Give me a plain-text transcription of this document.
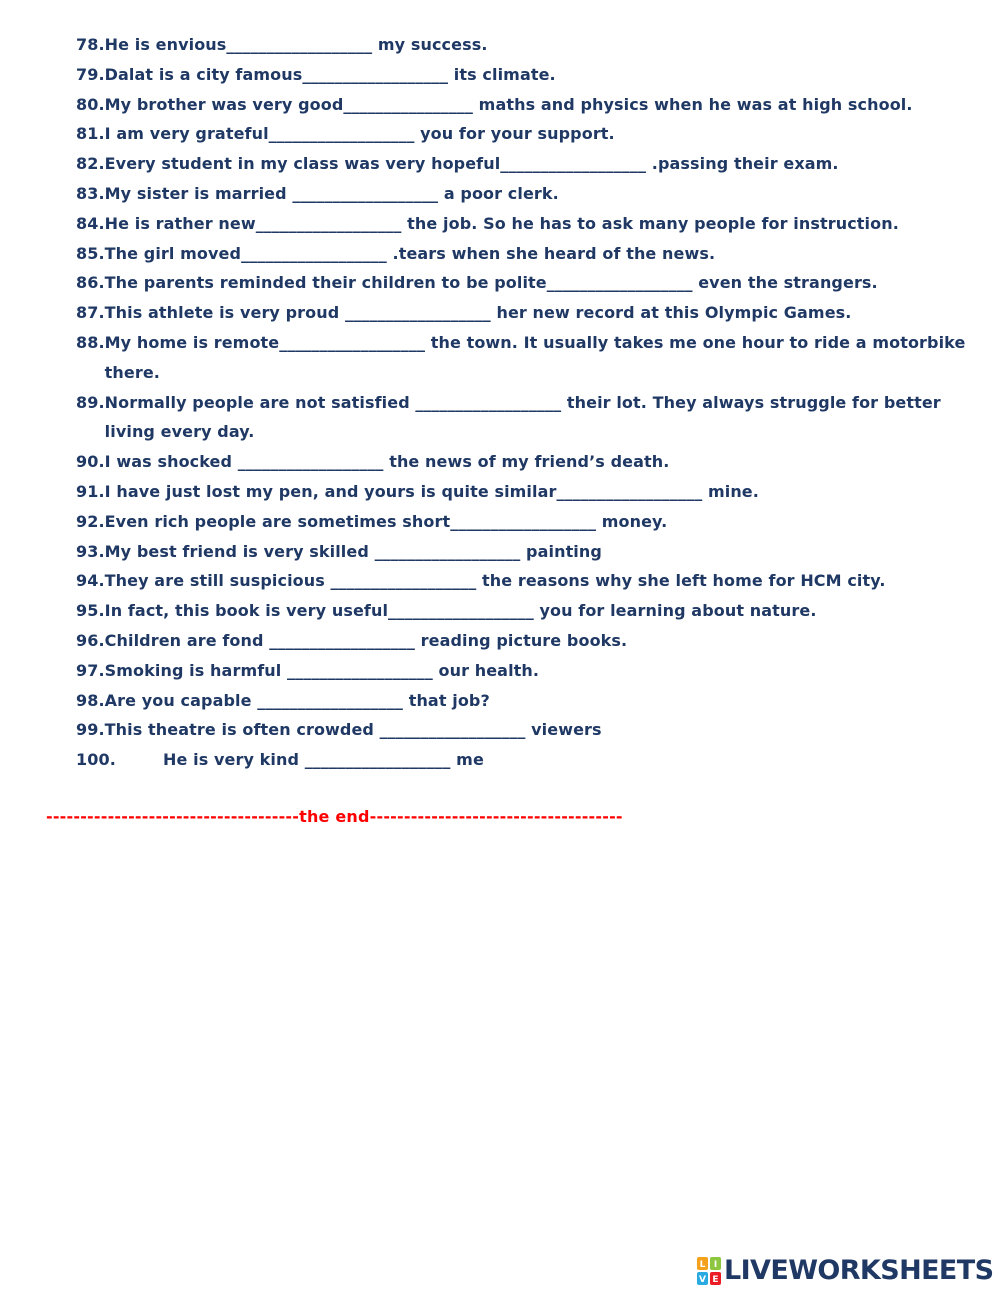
78. He is envious__________________ my success.
79. Dalat is a city famous__________________ its climate.
80. My brother was very good________________ maths and physics when he was at high school.
81. I am very grateful__________________ you for your support.
82. Every student in my class was very hopeful__________________ .passing their exam.
83. My sister is married __________________ a poor clerk.
84. He is rather new__________________ the job. So he has to ask many people for instruction.
85. The girl moved__________________ .tears when she heard of the news.
86. The parents reminded their children to be polite__________________ even the strangers.
87. This athlete is very proud __________________ her new record at this Olympic Games.
88. My home is remote__________________ the town. It usually takes me one hour to ride a motorbike there.
89. Normally people are not satisfied __________________ their lot. They always struggle for better living every day.
90. I was shocked __________________ the news of my friend’s death.
91. I have just lost my pen, and yours is quite similar__________________ mine.
92. Even rich people are sometimes short__________________ money.
93. My best friend is very skilled __________________ painting
94. They are still suspicious __________________ the reasons why she left home for HCM city.
95. In fact, this book is very useful__________________ you for learning about nature.
96. Children are fond __________________ reading picture books.
97. Smoking is harmful __________________ our health.
98. Are you capable __________________ that job?
99. This theatre is often crowded __________________ viewers
100.	He is very kind __________________ me
-------------------------------------the end-------------------------------------
L I
V E LIVEWORKSHEETS
